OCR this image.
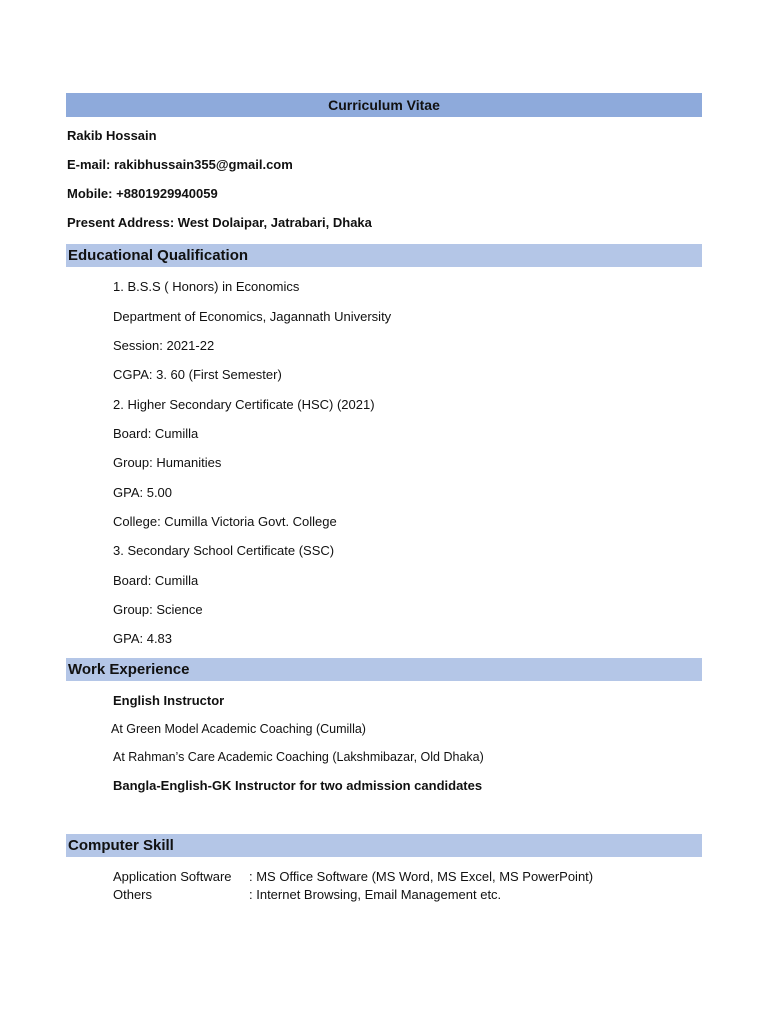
Curriculum Vitae
Rakib Hossain
E-mail: rakibhussain355@gmail.com
Mobile: +8801929940059
Present Address: West Dolaipar, Jatrabari, Dhaka
Educational Qualification
1. B.S.S ( Honors) in Economics
Department of Economics, Jagannath University
Session: 2021-22
CGPA: 3. 60 (First Semester)
2. Higher Secondary Certificate (HSC) (2021)
Board: Cumilla
Group: Humanities
GPA: 5.00
College: Cumilla Victoria Govt. College
3. Secondary School Certificate (SSC)
Board: Cumilla
Group: Science
GPA: 4.83
Work Experience
English Instructor
At Green Model Academic Coaching (Cumilla)
At Rahman’s Care Academic Coaching (Lakshmibazar, Old Dhaka)
Bangla-English-GK Instructor for two admission candidates
Computer Skill
Application Software : MS Office Software (MS Word, MS Excel, MS PowerPoint)
Others	: Internet Browsing, Email Management etc.
